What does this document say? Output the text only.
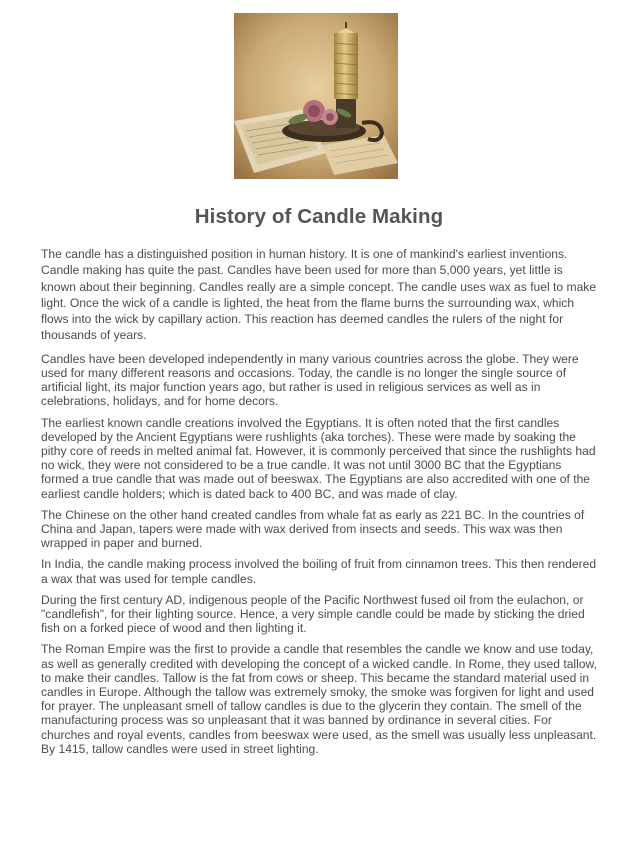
History of Candle Making

The candle has a distinguished position in human history. It is one of mankind's earliest inventions. Candle making has quite the past. Candles have been used for more than 5,000 years, yet little is known about their beginning. Candles really are a simple concept. The candle uses wax as fuel to make light. Once the wick of a candle is lighted, the heat from the flame burns the surrounding wax, which flows into the wick by capillary action. This reaction has deemed candles the rulers of the night for thousands of years.

Candles have been developed independently in many various countries across the globe. They were used for many different reasons and occasions. Today, the candle is no longer the single source of artificial light, its major function years ago, but rather is used in religious services as well as in celebrations, holidays, and for home decors.

The earliest known candle creations involved the Egyptians. It is often noted that the first candles developed by the Ancient Egyptians were rushlights (aka torches). These were made by soaking the pithy core of reeds in melted animal fat. However, it is commonly perceived that since the rushlights had no wick, they were not considered to be a true candle. It was not until 3000 BC that the Egyptians formed a true candle that was made out of beeswax. The Egyptians are also accredited with one of the earliest candle holders; which is dated back to 400 BC, and was made of clay.

The Chinese on the other hand created candles from whale fat as early as 221 BC. In the countries of China and Japan, tapers were made with wax derived from insects and seeds. This wax was then wrapped in paper and burned.

In India, the candle making process involved the boiling of fruit from cinnamon trees. This then rendered a wax that was used for temple candles.

During the first century AD, indigenous people of the Pacific Northwest fused oil from the eulachon, or "candlefish", for their lighting source. Hence, a very simple candle could be made by sticking the dried fish on a forked piece of wood and then lighting it.

The Roman Empire was the first to provide a candle that resembles the candle we know and use today, as well as generally credited with developing the concept of a wicked candle. In Rome, they used tallow, to make their candles. Tallow is the fat from cows or sheep. This became the standard material used in candles in Europe. Although the tallow was extremely smoky, the smoke was forgiven for light and used for prayer. The unpleasant smell of tallow candles is due to the glycerin they contain. The smell of the manufacturing process was so unpleasant that it was banned by ordinance in several cities. For churches and royal events, candles from beeswax were used, as the smell was usually less unpleasant. By 1415, tallow candles were used in street lighting.
